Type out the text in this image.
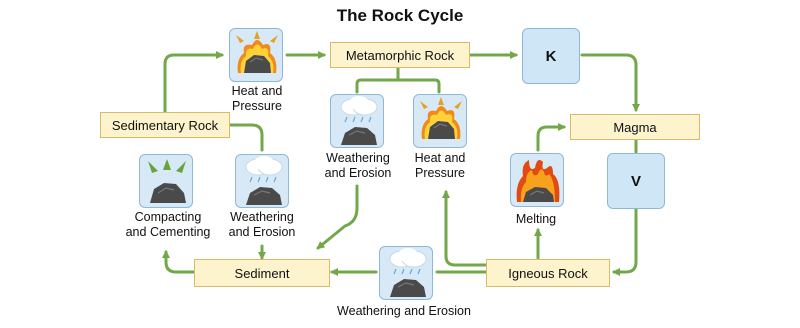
The Rock Cycle
Sedimentary Rock
Metamorphic Rock
Magma
Sediment	Igneous Rock
K
V
Heat and
Pressure
Weathering
and Erosion
Heat and
Pressure
Compacting
and Cementing
Weathering
and Erosion
Melting
Weathering and Erosion
